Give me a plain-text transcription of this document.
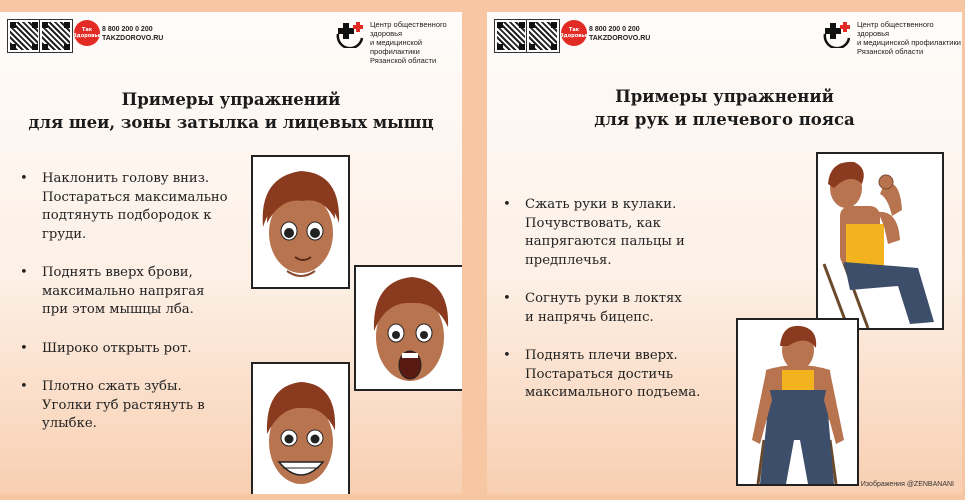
Так
Здоровье
8 800 200 0 200
TAKZDOROVO.RU
Центр общественного здоровья
и медицинской профилактики
Рязанской области
Примеры упражнений
для шеи, зоны затылка и лицевых мышц
• Наклонить голову вниз.
Постараться максимально
подтянуть подбородок к
груди.
• Поднять вверх брови,
максимально напрягая
при этом мышцы лба.
• Широко открыть рот.
• Плотно сжать зубы.
Уголки губ растянуть в
улыбке.
Так
Здоровье
8 800 200 0 200
TAKZDOROVO.RU
Центр общественного здоровья
и медицинской профилактики
Рязанской области
Примеры упражнений
для рук и плечевого пояса
• Сжать руки в кулаки.
Почувствовать, как
напрягаются пальцы и
предплечья.
• Согнуть руки в локтях
и напрячь бицепс.
• Поднять плечи вверх.
Постараться достичь
максимального подъема.
Изображения @ZENBANANI
